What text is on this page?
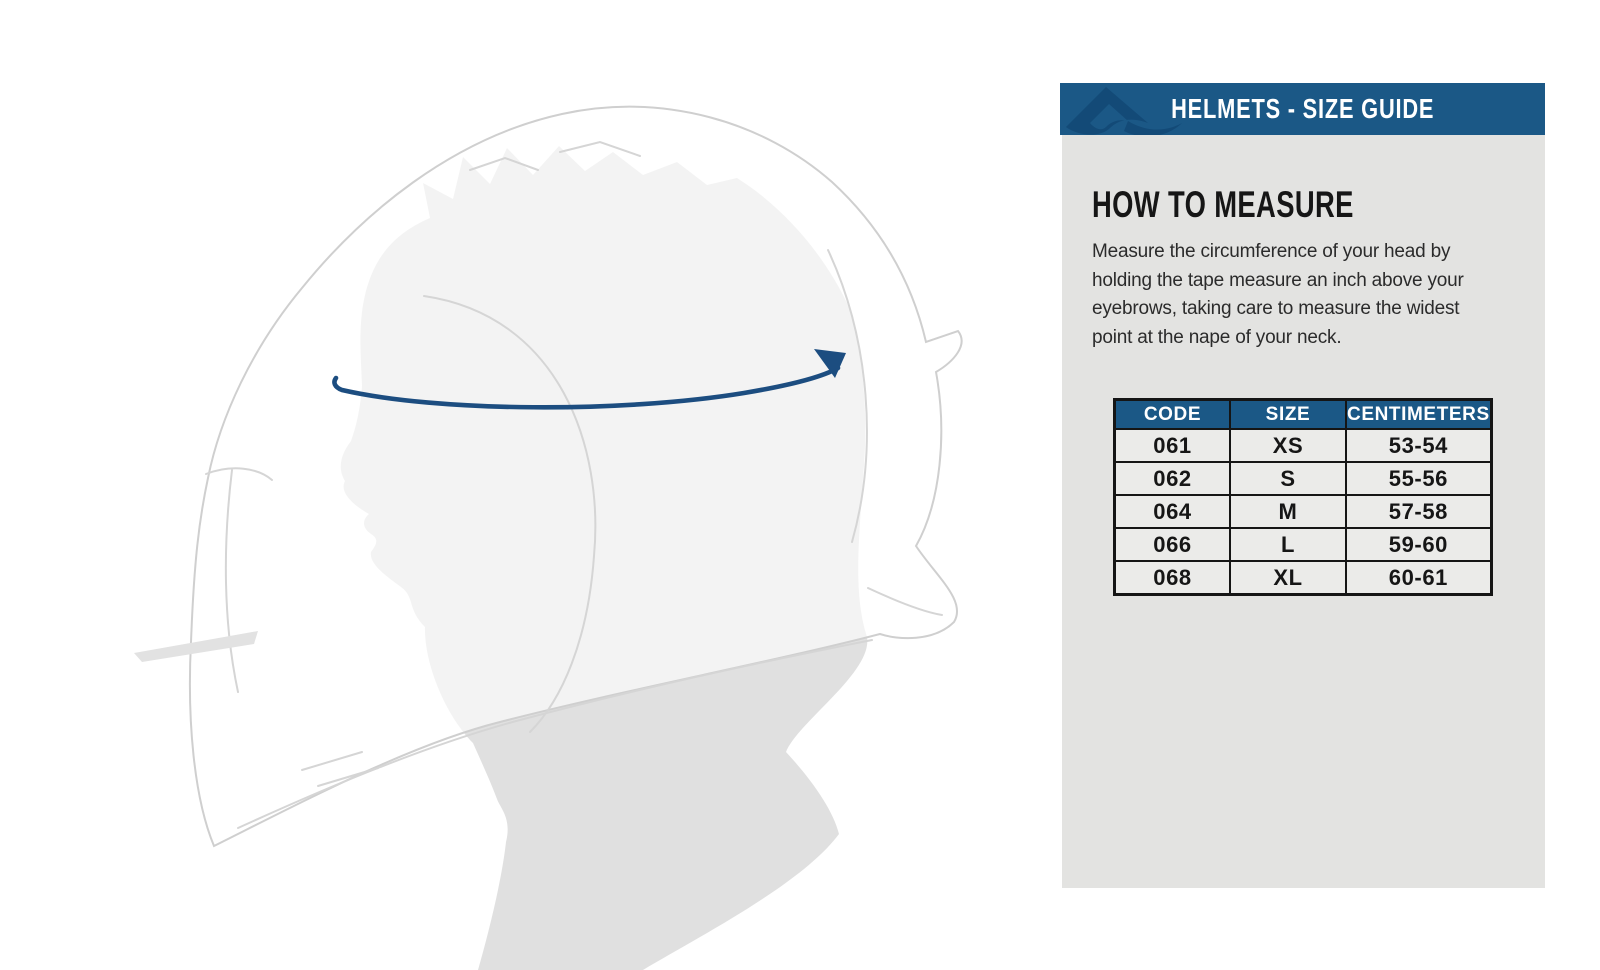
HELMETS - SIZE GUIDE
HOW TO MEASURE

Measure the circumference of your head by holding the tape measure an inch above your eyebrows, taking care to measure the widest point at the nape of your neck.

CODE	SIZE	CENTIMETERS
061	XS	53-54
062	S	55-56
064	M	57-58
066	L	59-60
068	XL	60-61
